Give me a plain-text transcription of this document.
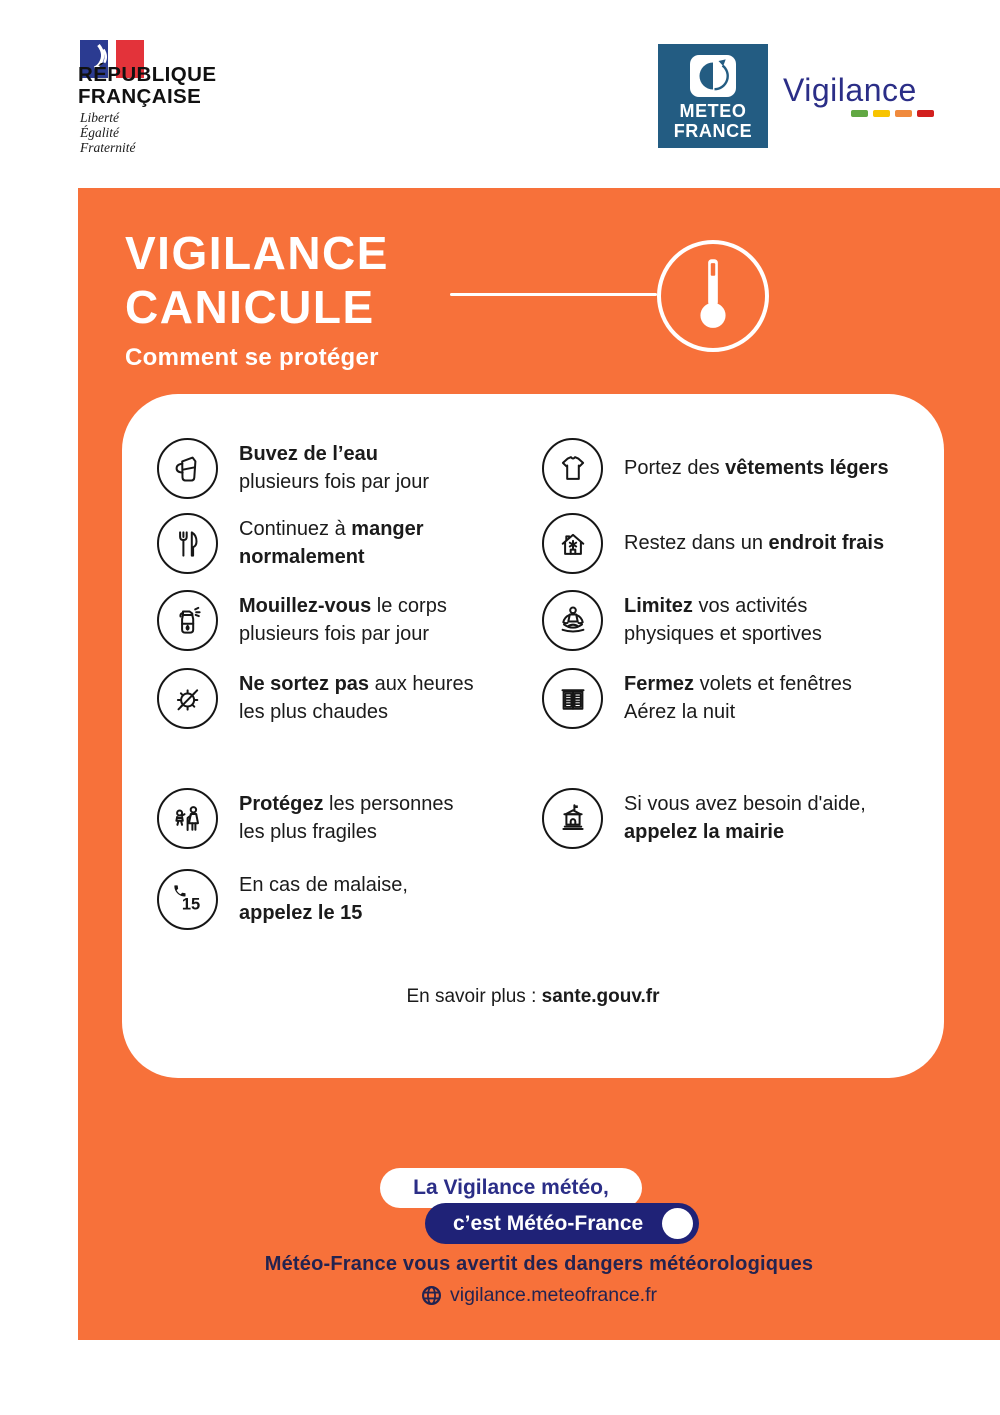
RÉPUBLIQUE
FRANÇAISE
Liberté
Égalité
Fraternité
METEO
FRANCE
Vigilance
VIGILANCE
CANICULE
Comment se protéger
Buvez de l’eau
plusieurs fois par jour
Continuez à manger
normalement
Mouillez-vous le corps
plusieurs fois par jour
Ne sortez pas aux heures
les plus chaudes
Protégez les personnes
les plus fragiles
15
En cas de malaise,
appelez le 15
Portez des vêtements légers
Restez dans un endroit frais
Limitez vos activités
physiques et sportives
Fermez volets et fenêtres
Aérez la nuit
Si vous avez besoin d'aide,
appelez la mairie
En savoir plus : sante.gouv.fr
La Vigilance météo,
c’est Météo-France
Météo-France vous avertit des dangers météorologiques
vigilance.meteofrance.fr
